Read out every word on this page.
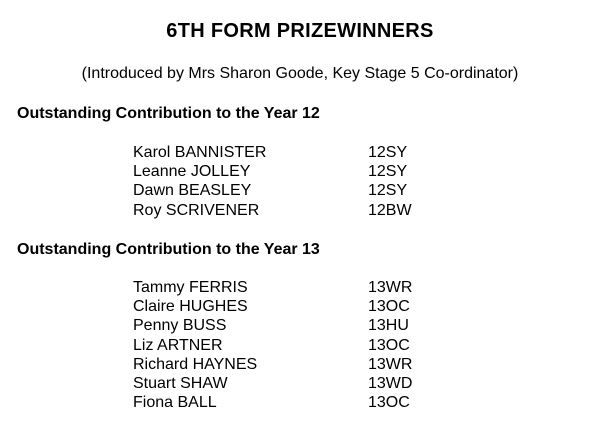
6TH FORM PRIZEWINNERS
(Introduced by Mrs Sharon Goode, Key Stage 5 Co-ordinator)
Outstanding Contribution to the Year 12
Karol BANNISTER	12SY
Leanne JOLLEY	12SY
Dawn BEASLEY	12SY
Roy SCRIVENER	12BW
Outstanding Contribution to the Year 13
Tammy FERRIS	13WR
Claire HUGHES	13OC
Penny BUSS	13HU
Liz ARTNER	13OC
Richard HAYNES	13WR
Stuart SHAW	13WD
Fiona BALL	13OC
